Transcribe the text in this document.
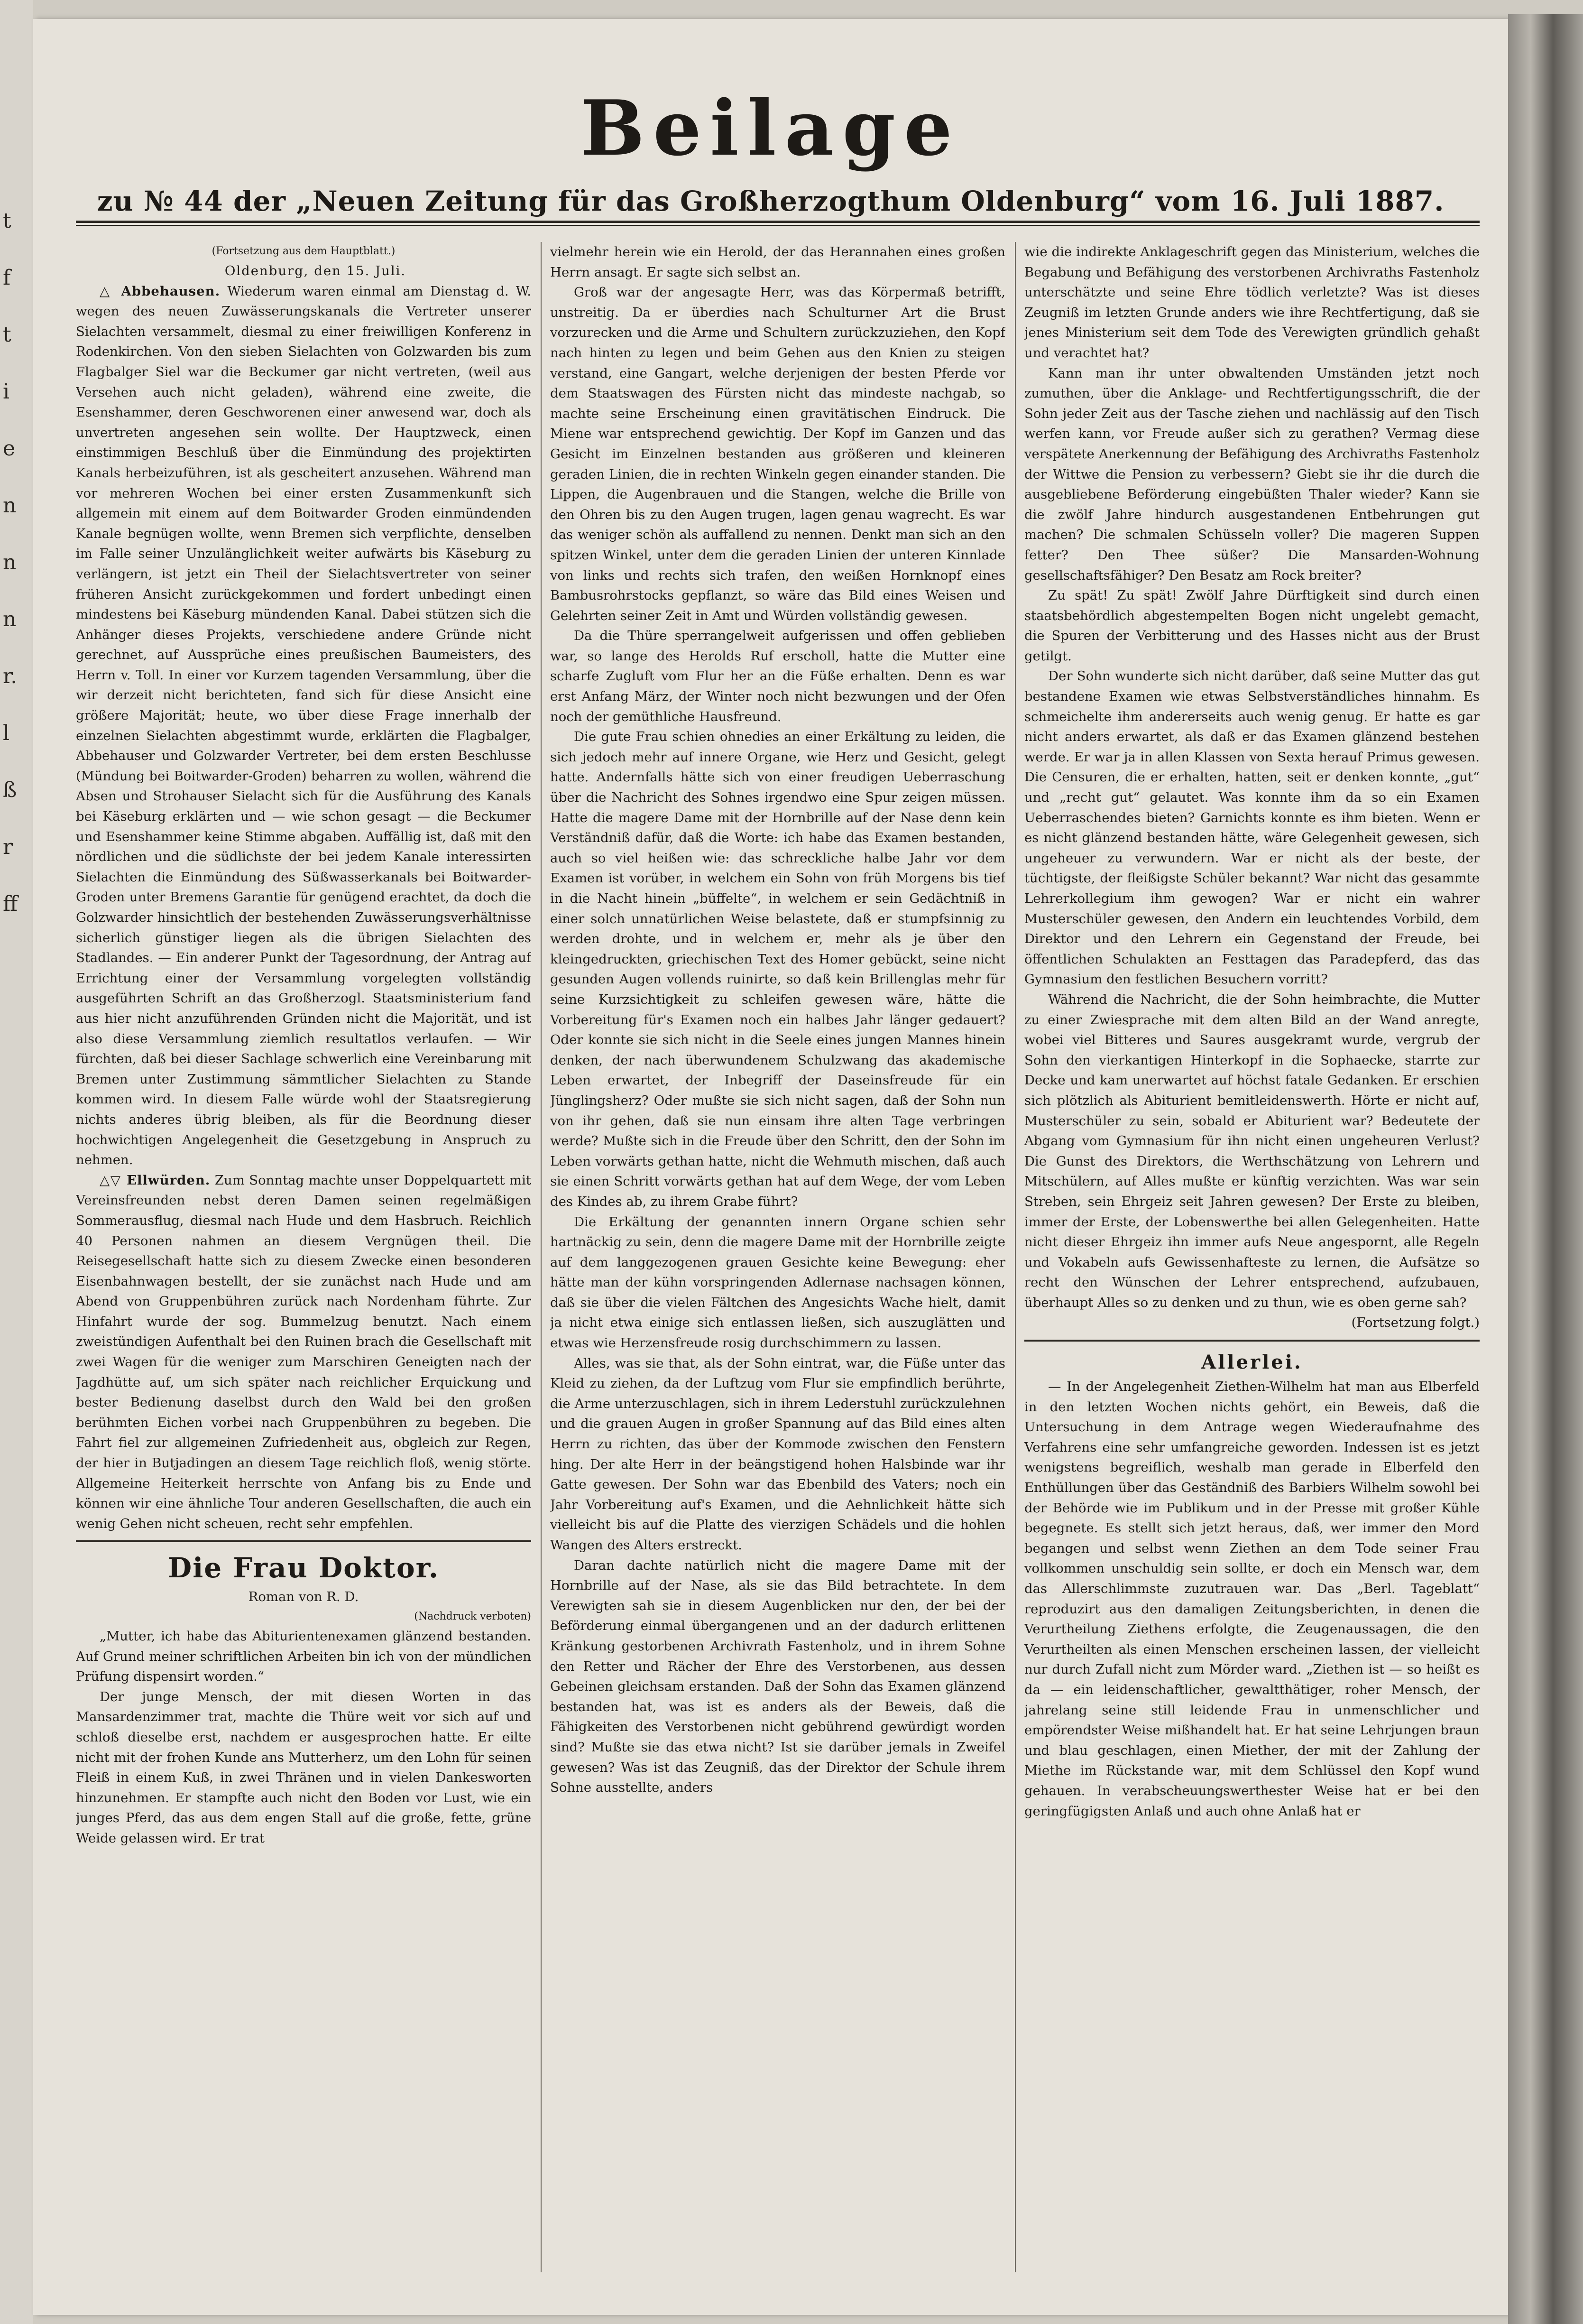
t
f
t
i
e
n
n
n
r.
l
ß
r
ff
Beilage
zu № 44 der „Neuen Zeitung für das Großherzogthum Oldenburg“ vom 16. Juli 1887.

(Fortsetzung aus dem Hauptblatt.)

Oldenburg, den 15. Juli.

△ Abbehausen. Wiederum waren einmal am Dienstag d. W. wegen des neuen Zuwässerungskanals die Vertreter unserer Sielachten versammelt, diesmal zu einer freiwilligen Konferenz in Rodenkirchen. Von den sieben Sielachten von Golzwarden bis zum Flagbalger Siel war die Beckumer gar nicht vertreten, (weil aus Versehen auch nicht geladen), während eine zweite, die Esenshammer, deren Geschworenen einer anwesend war, doch als unvertreten angesehen sein wollte. Der Hauptzweck, einen einstimmigen Beschluß über die Einmündung des projektirten Kanals herbeizuführen, ist als gescheitert anzusehen. Während man vor mehreren Wochen bei einer ersten Zusammenkunft sich allgemein mit einem auf dem Boitwarder Groden einmündenden Kanale begnügen wollte, wenn Bremen sich verpflichte, denselben im Falle seiner Unzulänglichkeit weiter aufwärts bis Käseburg zu verlängern, ist jetzt ein Theil der Sielachtsvertreter von seiner früheren Ansicht zurückgekommen und fordert unbedingt einen mindestens bei Käseburg mündenden Kanal. Dabei stützen sich die Anhänger dieses Projekts, verschiedene andere Gründe nicht gerechnet, auf Aussprüche eines preußischen Baumeisters, des Herrn v. Toll. In einer vor Kurzem tagenden Versammlung, über die wir derzeit nicht berichteten, fand sich für diese Ansicht eine größere Majorität; heute, wo über diese Frage innerhalb der einzelnen Sielachten abgestimmt wurde, erklärten die Flagbalger, Abbehauser und Golzwarder Vertreter, bei dem ersten Beschlusse (Mündung bei Boitwarder-Groden) beharren zu wollen, während die Absen und Strohauser Sielacht sich für die Ausführung des Kanals bei Käseburg erklärten und — wie schon gesagt — die Beckumer und Esenshammer keine Stimme abgaben. Auffällig ist, daß mit den nördlichen und die südlichste der bei jedem Kanale interessirten Sielachten die Einmündung des Süßwasserkanals bei Boitwarder-Groden unter Bremens Garantie für genügend erachtet, da doch die Golzwarder hinsichtlich der bestehenden Zuwässerungsverhältnisse sicherlich günstiger liegen als die übrigen Sielachten des Stadlandes. — Ein anderer Punkt der Tagesordnung, der Antrag auf Errichtung einer der Versammlung vorgelegten vollständig ausgeführten Schrift an das Großherzogl. Staatsministerium fand aus hier nicht anzuführenden Gründen nicht die Majorität, und ist also diese Versammlung ziemlich resultatlos verlaufen. — Wir fürchten, daß bei dieser Sachlage schwerlich eine Vereinbarung mit Bremen unter Zustimmung sämmtlicher Sielachten zu Stande kommen wird. In diesem Falle würde wohl der Staatsregierung nichts anderes übrig bleiben, als für die Beordnung dieser hochwichtigen Angelegenheit die Gesetzgebung in Anspruch zu nehmen.

△▽ Ellwürden. Zum Sonntag machte unser Doppelquartett mit Vereinsfreunden nebst deren Damen seinen regelmäßigen Sommerausflug, diesmal nach Hude und dem Hasbruch. Reichlich 40 Personen nahmen an diesem Vergnügen theil. Die Reisegesellschaft hatte sich zu diesem Zwecke einen besonderen Eisenbahnwagen bestellt, der sie zunächst nach Hude und am Abend von Gruppenbühren zurück nach Nordenham führte. Zur Hinfahrt wurde der sog. Bummelzug benutzt. Nach einem zweistündigen Aufenthalt bei den Ruinen brach die Gesellschaft mit zwei Wagen für die weniger zum Marschiren Geneigten nach der Jagdhütte auf, um sich später nach reichlicher Erquickung und bester Bedienung daselbst durch den Wald bei den großen berühmten Eichen vorbei nach Gruppenbühren zu begeben. Die Fahrt fiel zur allgemeinen Zufriedenheit aus, obgleich zur Regen, der hier in Butjadingen an diesem Tage reichlich floß, wenig störte. Allgemeine Heiterkeit herrschte von Anfang bis zu Ende und können wir eine ähnliche Tour anderen Gesellschaften, die auch ein wenig Gehen nicht scheuen, recht sehr empfehlen.

Die Frau Doktor.

Roman von R. D.

(Nachdruck verboten)

„Mutter, ich habe das Abiturientenexamen glänzend bestanden. Auf Grund meiner schriftlichen Arbeiten bin ich von der mündlichen Prüfung dispensirt worden.“

Der junge Mensch, der mit diesen Worten in das Mansardenzimmer trat, machte die Thüre weit vor sich auf und schloß dieselbe erst, nachdem er ausgesprochen hatte. Er eilte nicht mit der frohen Kunde ans Mutterherz, um den Lohn für seinen Fleiß in einem Kuß, in zwei Thränen und in vielen Dankesworten hinzunehmen. Er stampfte auch nicht den Boden vor Lust, wie ein junges Pferd, das aus dem engen Stall auf die große, fette, grüne Weide gelassen wird. Er trat

vielmehr herein wie ein Herold, der das Herannahen eines großen Herrn ansagt. Er sagte sich selbst an.

Groß war der angesagte Herr, was das Körpermaß betrifft, unstreitig. Da er überdies nach Schulturner Art die Brust vorzurecken und die Arme und Schultern zurückzuziehen, den Kopf nach hinten zu legen und beim Gehen aus den Knien zu steigen verstand, eine Gangart, welche derjenigen der besten Pferde vor dem Staatswagen des Fürsten nicht das mindeste nachgab, so machte seine Erscheinung einen gravitätischen Eindruck. Die Miene war entsprechend gewichtig. Der Kopf im Ganzen und das Gesicht im Einzelnen bestanden aus größeren und kleineren geraden Linien, die in rechten Winkeln gegen einander standen. Die Lippen, die Augenbrauen und die Stangen, welche die Brille von den Ohren bis zu den Augen trugen, lagen genau wagrecht. Es war das weniger schön als auffallend zu nennen. Denkt man sich an den spitzen Winkel, unter dem die geraden Linien der unteren Kinnlade von links und rechts sich trafen, den weißen Hornknopf eines Bambusrohrstocks gepflanzt, so wäre das Bild eines Weisen und Gelehrten seiner Zeit in Amt und Würden vollständig gewesen.

Da die Thüre sperrangelweit aufgerissen und offen geblieben war, so lange des Herolds Ruf erscholl, hatte die Mutter eine scharfe Zugluft vom Flur her an die Füße erhalten. Denn es war erst Anfang März, der Winter noch nicht bezwungen und der Ofen noch der gemüthliche Hausfreund.

Die gute Frau schien ohnedies an einer Erkältung zu leiden, die sich jedoch mehr auf innere Organe, wie Herz und Gesicht, gelegt hatte. Andernfalls hätte sich von einer freudigen Ueberraschung über die Nachricht des Sohnes irgendwo eine Spur zeigen müssen. Hatte die magere Dame mit der Hornbrille auf der Nase denn kein Verständniß dafür, daß die Worte: ich habe das Examen bestanden, auch so viel heißen wie: das schreckliche halbe Jahr vor dem Examen ist vorüber, in welchem ein Sohn von früh Morgens bis tief in die Nacht hinein „büffelte“, in welchem er sein Gedächtniß in einer solch unnatürlichen Weise belastete, daß er stumpfsinnig zu werden drohte, und in welchem er, mehr als je über den kleingedruckten, griechischen Text des Homer gebückt, seine nicht gesunden Augen vollends ruinirte, so daß kein Brillenglas mehr für seine Kurzsichtigkeit zu schleifen gewesen wäre, hätte die Vorbereitung für's Examen noch ein halbes Jahr länger gedauert? Oder konnte sie sich nicht in die Seele eines jungen Mannes hinein denken, der nach überwundenem Schulzwang das akademische Leben erwartet, der Inbegriff der Daseinsfreude für ein Jünglingsherz? Oder mußte sie sich nicht sagen, daß der Sohn nun von ihr gehen, daß sie nun einsam ihre alten Tage verbringen werde? Mußte sich in die Freude über den Schritt, den der Sohn im Leben vorwärts gethan hatte, nicht die Wehmuth mischen, daß auch sie einen Schritt vorwärts gethan hat auf dem Wege, der vom Leben des Kindes ab, zu ihrem Grabe führt?

Die Erkältung der genannten innern Organe schien sehr hartnäckig zu sein, denn die magere Dame mit der Hornbrille zeigte auf dem langgezogenen grauen Gesichte keine Bewegung: eher hätte man der kühn vorspringenden Adlernase nachsagen können, daß sie über die vielen Fältchen des Angesichts Wache hielt, damit ja nicht etwa einige sich entlassen ließen, sich auszuglätten und etwas wie Herzensfreude rosig durchschimmern zu lassen.

Alles, was sie that, als der Sohn eintrat, war, die Füße unter das Kleid zu ziehen, da der Luftzug vom Flur sie empfindlich berührte, die Arme unterzuschlagen, sich in ihrem Lederstuhl zurückzulehnen und die grauen Augen in großer Spannung auf das Bild eines alten Herrn zu richten, das über der Kommode zwischen den Fenstern hing. Der alte Herr in der beängstigend hohen Halsbinde war ihr Gatte gewesen. Der Sohn war das Ebenbild des Vaters; noch ein Jahr Vorbereitung auf's Examen, und die Aehnlichkeit hätte sich vielleicht bis auf die Platte des vierzigen Schädels und die hohlen Wangen des Alters erstreckt.

Daran dachte natürlich nicht die magere Dame mit der Hornbrille auf der Nase, als sie das Bild betrachtete. In dem Verewigten sah sie in diesem Augenblicken nur den, der bei der Beförderung einmal übergangenen und an der dadurch erlittenen Kränkung gestorbenen Archivrath Fastenholz, und in ihrem Sohne den Retter und Rächer der Ehre des Verstorbenen, aus dessen Gebeinen gleichsam erstanden. Daß der Sohn das Examen glänzend bestanden hat, was ist es anders als der Beweis, daß die Fähigkeiten des Verstorbenen nicht gebührend gewürdigt worden sind? Mußte sie das etwa nicht? Ist sie darüber jemals in Zweifel gewesen? Was ist das Zeugniß, das der Direktor der Schule ihrem Sohne ausstellte, anders

wie die indirekte Anklageschrift gegen das Ministerium, welches die Begabung und Befähigung des verstorbenen Archivraths Fastenholz unterschätzte und seine Ehre tödlich verletzte? Was ist dieses Zeugniß im letzten Grunde anders wie ihre Rechtfertigung, daß sie jenes Ministerium seit dem Tode des Verewigten gründlich gehaßt und verachtet hat?

Kann man ihr unter obwaltenden Umständen jetzt noch zumuthen, über die Anklage- und Rechtfertigungsschrift, die der Sohn jeder Zeit aus der Tasche ziehen und nachlässig auf den Tisch werfen kann, vor Freude außer sich zu gerathen? Vermag diese verspätete Anerkennung der Befähigung des Archivraths Fastenholz der Wittwe die Pension zu verbessern? Giebt sie ihr die durch die ausgebliebene Beförderung eingebüßten Thaler wieder? Kann sie die zwölf Jahre hindurch ausgestandenen Entbehrungen gut machen? Die schmalen Schüsseln voller? Die mageren Suppen fetter? Den Thee süßer? Die Mansarden-Wohnung gesellschaftsfähiger? Den Besatz am Rock breiter?

Zu spät! Zu spät! Zwölf Jahre Dürftigkeit sind durch einen staatsbehördlich abgestempelten Bogen nicht ungelebt gemacht, die Spuren der Verbitterung und des Hasses nicht aus der Brust getilgt.

Der Sohn wunderte sich nicht darüber, daß seine Mutter das gut bestandene Examen wie etwas Selbstverständliches hinnahm. Es schmeichelte ihm andererseits auch wenig genug. Er hatte es gar nicht anders erwartet, als daß er das Examen glänzend bestehen werde. Er war ja in allen Klassen von Sexta herauf Primus gewesen. Die Censuren, die er erhalten, hatten, seit er denken konnte, „gut“ und „recht gut“ gelautet. Was konnte ihm da so ein Examen Ueberraschendes bieten? Garnichts konnte es ihm bieten. Wenn er es nicht glänzend bestanden hätte, wäre Gelegenheit gewesen, sich ungeheuer zu verwundern. War er nicht als der beste, der tüchtigste, der fleißigste Schüler bekannt? War nicht das gesammte Lehrerkollegium ihm gewogen? War er nicht ein wahrer Musterschüler gewesen, den Andern ein leuchtendes Vorbild, dem Direktor und den Lehrern ein Gegenstand der Freude, bei öffentlichen Schulakten an Festtagen das Paradepferd, das das Gymnasium den festlichen Besuchern vorritt?

Während die Nachricht, die der Sohn heimbrachte, die Mutter zu einer Zwiesprache mit dem alten Bild an der Wand anregte, wobei viel Bitteres und Saures ausgekramt wurde, vergrub der Sohn den vierkantigen Hinterkopf in die Sophaecke, starrte zur Decke und kam unerwartet auf höchst fatale Gedanken. Er erschien sich plötzlich als Abiturient bemitleidenswerth. Hörte er nicht auf, Musterschüler zu sein, sobald er Abiturient war? Bedeutete der Abgang vom Gymnasium für ihn nicht einen ungeheuren Verlust? Die Gunst des Direktors, die Werthschätzung von Lehrern und Mitschülern, auf Alles mußte er künftig verzichten. Was war sein Streben, sein Ehrgeiz seit Jahren gewesen? Der Erste zu bleiben, immer der Erste, der Lobenswerthe bei allen Gelegenheiten. Hatte nicht dieser Ehrgeiz ihn immer aufs Neue angespornt, alle Regeln und Vokabeln aufs Gewissenhafteste zu lernen, die Aufsätze so recht den Wünschen der Lehrer entsprechend, aufzubauen, überhaupt Alles so zu denken und zu thun, wie es oben gerne sah?

(Fortsetzung folgt.)

Allerlei.

— In der Angelegenheit Ziethen-Wilhelm hat man aus Elberfeld in den letzten Wochen nichts gehört, ein Beweis, daß die Untersuchung in dem Antrage wegen Wiederaufnahme des Verfahrens eine sehr umfangreiche geworden. Indessen ist es jetzt wenigstens begreiflich, weshalb man gerade in Elberfeld den Enthüllungen über das Geständniß des Barbiers Wilhelm sowohl bei der Behörde wie im Publikum und in der Presse mit großer Kühle begegnete. Es stellt sich jetzt heraus, daß, wer immer den Mord begangen und selbst wenn Ziethen an dem Tode seiner Frau vollkommen unschuldig sein sollte, er doch ein Mensch war, dem das Allerschlimmste zuzutrauen war. Das „Berl. Tageblatt“ reproduzirt aus den damaligen Zeitungsberichten, in denen die Verurtheilung Ziethens erfolgte, die Zeugenaussagen, die den Verurtheilten als einen Menschen erscheinen lassen, der vielleicht nur durch Zufall nicht zum Mörder ward. „Ziethen ist — so heißt es da — ein leidenschaftlicher, gewaltthätiger, roher Mensch, der jahrelang seine still leidende Frau in unmenschlicher und empörendster Weise mißhandelt hat. Er hat seine Lehrjungen braun und blau geschlagen, einen Miether, der mit der Zahlung der Miethe im Rückstande war, mit dem Schlüssel den Kopf wund gehauen. In verabscheuungswerthester Weise hat er bei den geringfügigsten Anlaß und auch ohne Anlaß hat er
